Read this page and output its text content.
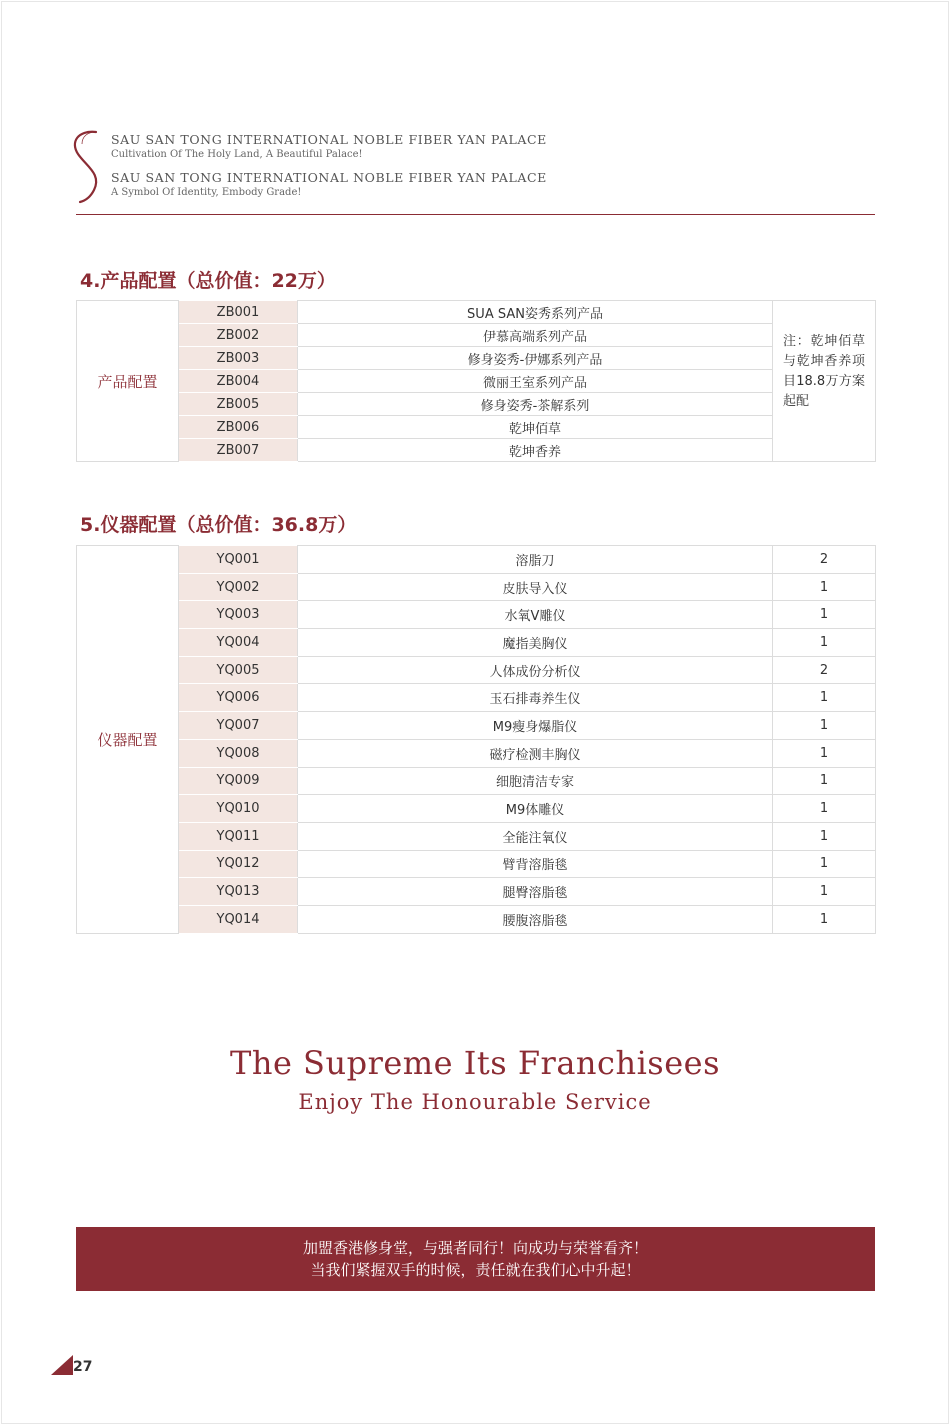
SAU SAN TONG INTERNATIONAL NOBLE FIBER YAN PALACE
Cultivation Of The Holy Land, A Beautiful Palace!
SAU SAN TONG INTERNATIONAL NOBLE FIBER YAN PALACE
A Symbol Of Identity, Embody Grade!
4.产品配置（总价值：22万）
产品配置	ZB001	SUA SAN姿秀系列产品	注：乾坤佰草与乾坤香养项目18.8万方案起配
	ZB002	伊慕高端系列产品	
	ZB003	修身姿秀-伊娜系列产品	
	ZB004	微丽王室系列产品	
	ZB005	修身姿秀-茶解系列	
	ZB006	乾坤佰草	
	ZB007	乾坤香养	
5.仪器配置（总价值：36.8万）
仪器配置	YQ001	溶脂刀	2
	YQ002	皮肤导入仪	1
	YQ003	水氧V雕仪	1
	YQ004	魔指美胸仪	1
	YQ005	人体成份分析仪	2
	YQ006	玉石排毒养生仪	1
	YQ007	M9瘦身爆脂仪	1
	YQ008	磁疗检测丰胸仪	1
	YQ009	细胞清洁专家	1
	YQ010	M9体雕仪	1
	YQ011	全能注氧仪	1
	YQ012	臂背溶脂毯	1
	YQ013	腿臀溶脂毯	1
	YQ014	腰腹溶脂毯	1
The Supreme Its Franchisees
Enjoy The Honourable Service
加盟香港修身堂，与强者同行！向成功与荣誉看齐！
当我们紧握双手的时候，责任就在我们心中升起！
27
